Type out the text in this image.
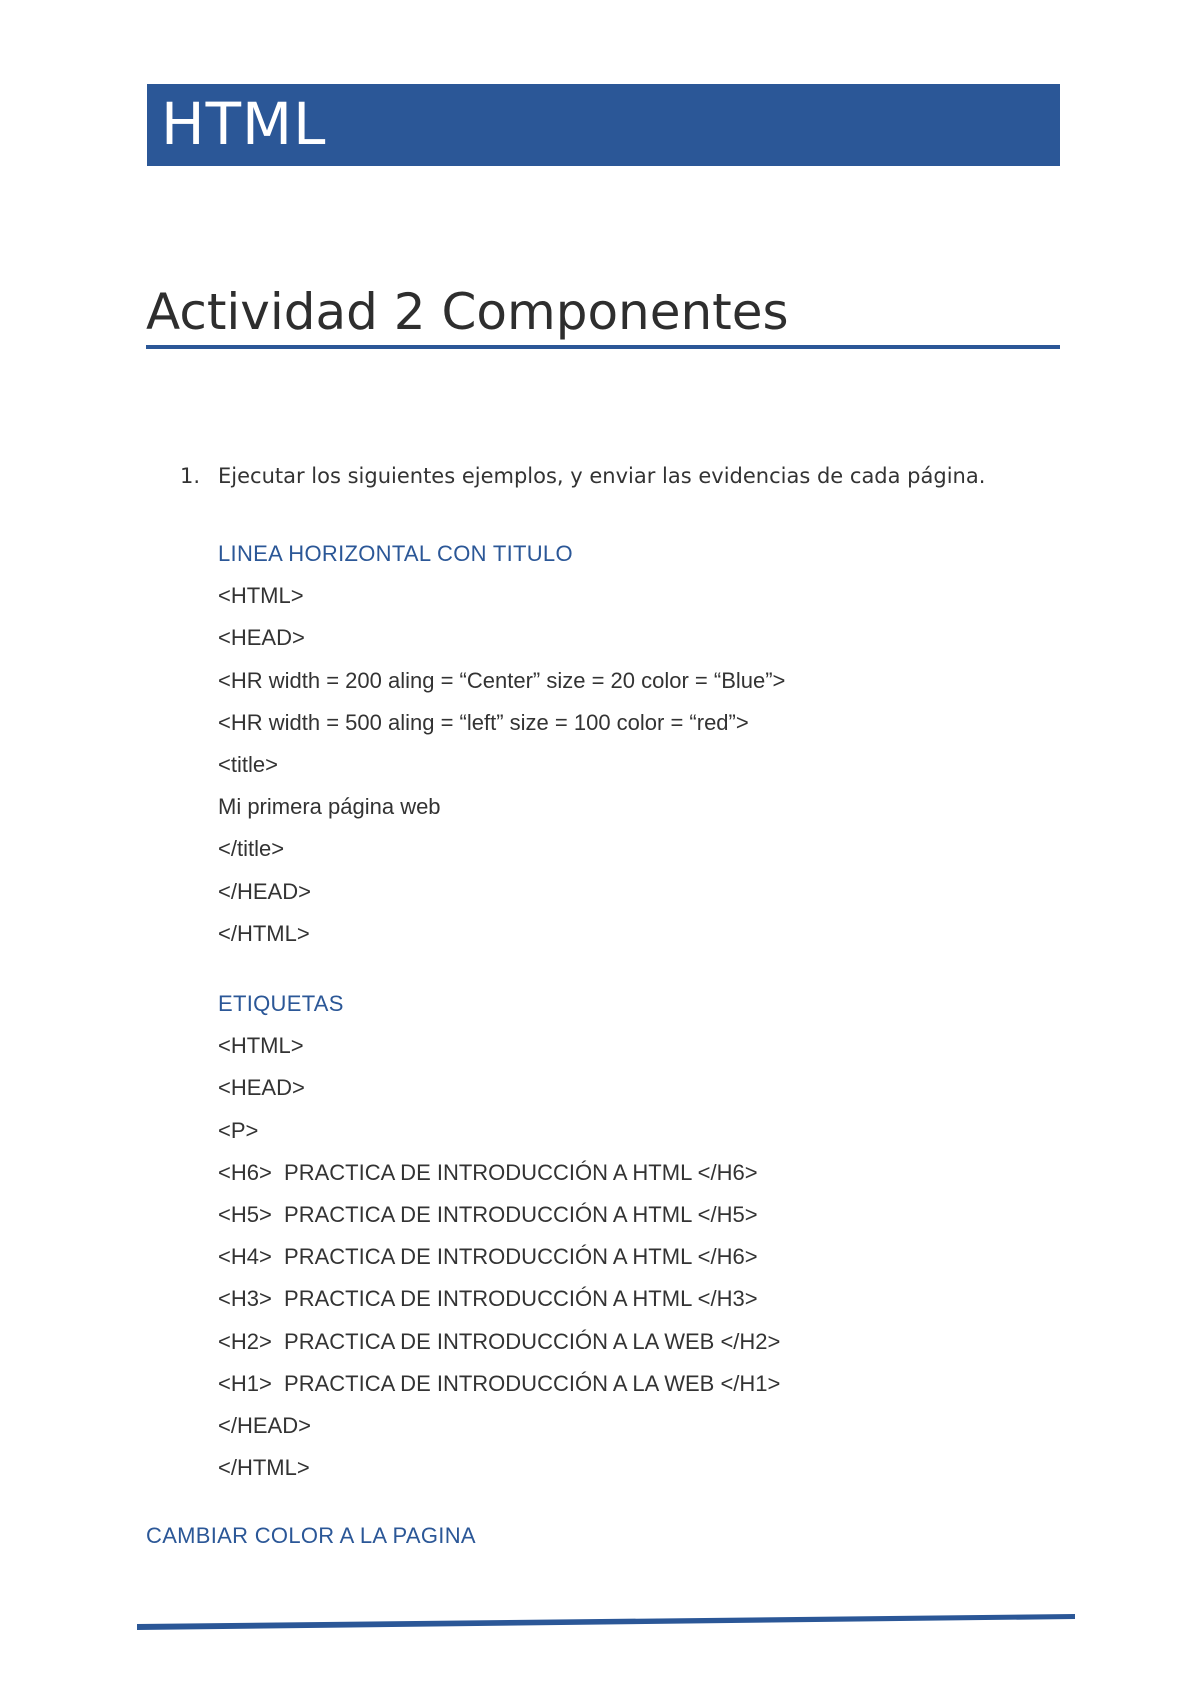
HTML
Actividad 2 Componentes
1. Ejecutar los siguientes ejemplos, y enviar las evidencias de cada página.
LINEA HORIZONTAL CON TITULO
<HTML>
<HEAD>
<HR width = 200 aling = “Center” size = 20 color = “Blue”>
<HR width = 500 aling = “left” size = 100 color = “red”>
<title>
Mi primera página web
</title>
</HEAD>
</HTML>
ETIQUETAS
<HTML>
<HEAD>
<P>
<H6>  PRACTICA DE INTRODUCCIÓN A HTML </H6>
<H5>  PRACTICA DE INTRODUCCIÓN A HTML </H5>
<H4>  PRACTICA DE INTRODUCCIÓN A HTML </H6>
<H3>  PRACTICA DE INTRODUCCIÓN A HTML </H3>
<H2>  PRACTICA DE INTRODUCCIÓN A LA WEB </H2>
<H1>  PRACTICA DE INTRODUCCIÓN A LA WEB </H1>
</HEAD>
</HTML>
CAMBIAR COLOR A LA PAGINA
